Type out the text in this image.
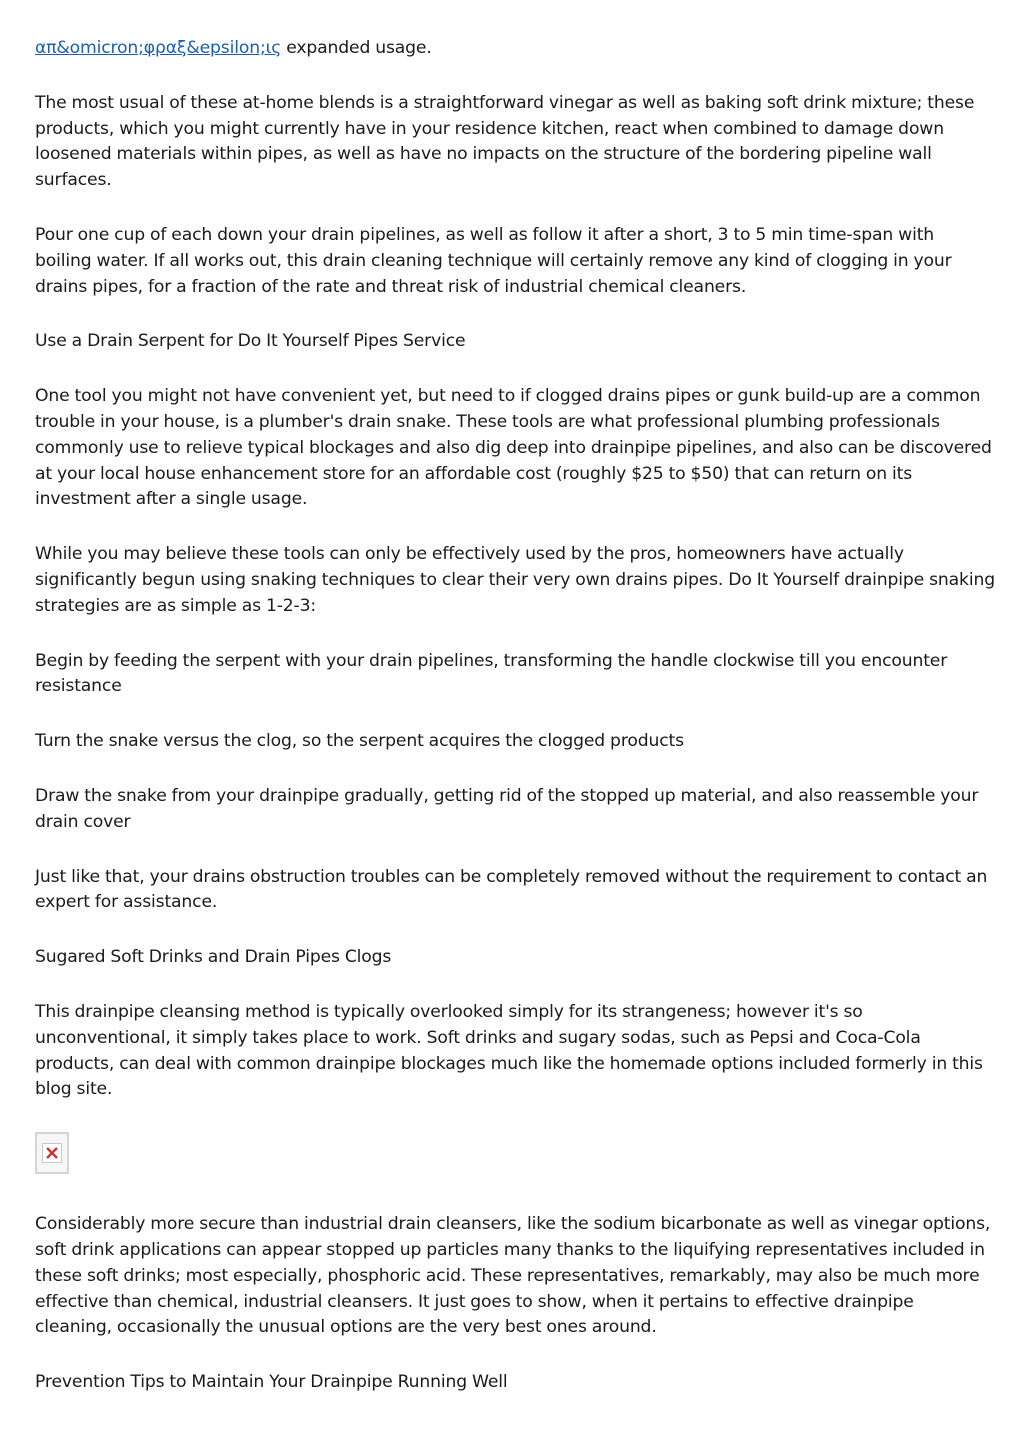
απ&omicron;φραξ&epsilon;ις expanded usage.

The most usual of these at-home blends is a straightforward vinegar as well as baking soft drink mixture; these products, which you might currently have in your residence kitchen, react when combined to damage down loosened materials within pipes, as well as have no impacts on the structure of the bordering pipeline wall surfaces.

Pour one cup of each down your drain pipelines, as well as follow it after a short, 3 to 5 min time-span with boiling water. If all works out, this drain cleaning technique will certainly remove any kind of clogging in your drains pipes, for a fraction of the rate and threat risk of industrial chemical cleaners.

Use a Drain Serpent for Do It Yourself Pipes Service

One tool you might not have convenient yet, but need to if clogged drains pipes or gunk build-up are a common trouble in your house, is a plumber's drain snake. These tools are what professional plumbing professionals commonly use to relieve typical blockages and also dig deep into drainpipe pipelines, and also can be discovered at your local house enhancement store for an affordable cost (roughly $25 to $50) that can return on its investment after a single usage.

While you may believe these tools can only be effectively used by the pros, homeowners have actually significantly begun using snaking techniques to clear their very own drains pipes. Do It Yourself drainpipe snaking strategies are as simple as 1-2-3:

Begin by feeding the serpent with your drain pipelines, transforming the handle clockwise till you encounter resistance

Turn the snake versus the clog, so the serpent acquires the clogged products

Draw the snake from your drainpipe gradually, getting rid of the stopped up material, and also reassemble your drain cover

Just like that, your drains obstruction troubles can be completely removed without the requirement to contact an expert for assistance.

Sugared Soft Drinks and Drain Pipes Clogs

This drainpipe cleansing method is typically overlooked simply for its strangeness; however it's so unconventional, it simply takes place to work. Soft drinks and sugary sodas, such as Pepsi and Coca-Cola products, can deal with common drainpipe blockages much like the homemade options included formerly in this blog site.

Considerably more secure than industrial drain cleansers, like the sodium bicarbonate as well as vinegar options, soft drink applications can appear stopped up particles many thanks to the liquifying representatives included in these soft drinks; most especially, phosphoric acid. These representatives, remarkably, may also be much more effective than chemical, industrial cleansers. It just goes to show, when it pertains to effective drainpipe cleaning, occasionally the unusual options are the very best ones around.

Prevention Tips to Maintain Your Drainpipe Running Well
